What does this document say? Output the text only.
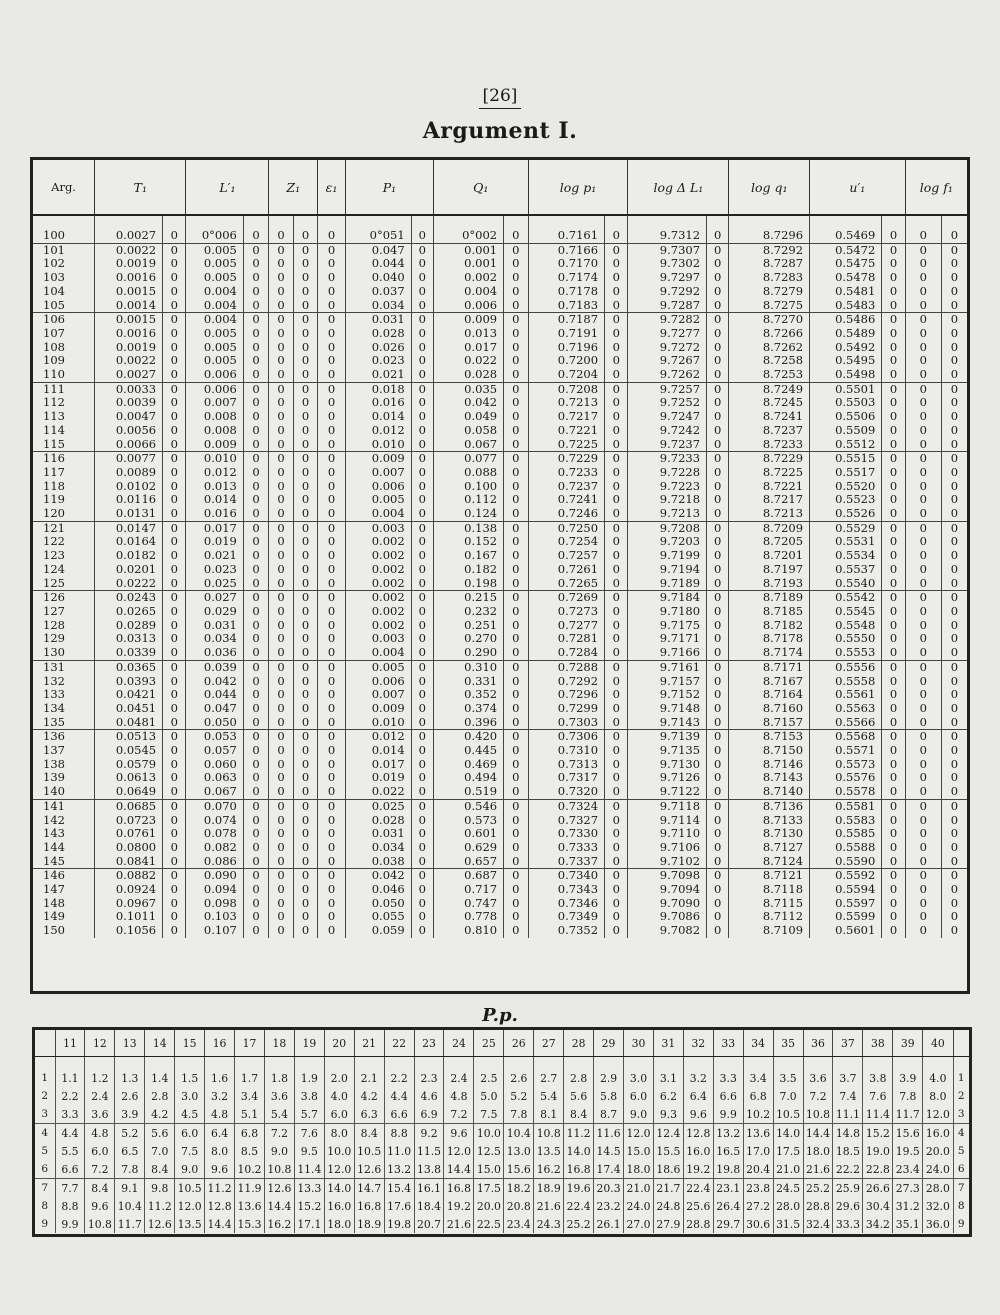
[26]
Argument I.
Arg.	T₁		L′₁		Z₁		ε₁	P₁		Q₁		log p₁		log Δ L₁		log q₁	u′₁		log f₁	

100	0.0027	0	0°006	0	0	0	0	0°051	0	0°002	0	0.7161	0	9.7312	0	8.7296	0.5469	0	0	0
101	0.0022	0	0.005	0	0	0	0	0.047	0	0.001	0	0.7166	0	9.7307	0	8.7292	0.5472	0	0	0
102	0.0019	0	0.005	0	0	0	0	0.044	0	0.001	0	0.7170	0	9.7302	0	8.7287	0.5475	0	0	0
103	0.0016	0	0.005	0	0	0	0	0.040	0	0.002	0	0.7174	0	9.7297	0	8.7283	0.5478	0	0	0
104	0.0015	0	0.004	0	0	0	0	0.037	0	0.004	0	0.7178	0	9.7292	0	8.7279	0.5481	0	0	0
105	0.0014	0	0.004	0	0	0	0	0.034	0	0.006	0	0.7183	0	9.7287	0	8.7275	0.5483	0	0	0
106	0.0015	0	0.004	0	0	0	0	0.031	0	0.009	0	0.7187	0	9.7282	0	8.7270	0.5486	0	0	0
107	0.0016	0	0.005	0	0	0	0	0.028	0	0.013	0	0.7191	0	9.7277	0	8.7266	0.5489	0	0	0
108	0.0019	0	0.005	0	0	0	0	0.026	0	0.017	0	0.7196	0	9.7272	0	8.7262	0.5492	0	0	0
109	0.0022	0	0.005	0	0	0	0	0.023	0	0.022	0	0.7200	0	9.7267	0	8.7258	0.5495	0	0	0
110	0.0027	0	0.006	0	0	0	0	0.021	0	0.028	0	0.7204	0	9.7262	0	8.7253	0.5498	0	0	0
111	0.0033	0	0.006	0	0	0	0	0.018	0	0.035	0	0.7208	0	9.7257	0	8.7249	0.5501	0	0	0
112	0.0039	0	0.007	0	0	0	0	0.016	0	0.042	0	0.7213	0	9.7252	0	8.7245	0.5503	0	0	0
113	0.0047	0	0.008	0	0	0	0	0.014	0	0.049	0	0.7217	0	9.7247	0	8.7241	0.5506	0	0	0
114	0.0056	0	0.008	0	0	0	0	0.012	0	0.058	0	0.7221	0	9.7242	0	8.7237	0.5509	0	0	0
115	0.0066	0	0.009	0	0	0	0	0.010	0	0.067	0	0.7225	0	9.7237	0	8.7233	0.5512	0	0	0
116	0.0077	0	0.010	0	0	0	0	0.009	0	0.077	0	0.7229	0	9.7233	0	8.7229	0.5515	0	0	0
117	0.0089	0	0.012	0	0	0	0	0.007	0	0.088	0	0.7233	0	9.7228	0	8.7225	0.5517	0	0	0
118	0.0102	0	0.013	0	0	0	0	0.006	0	0.100	0	0.7237	0	9.7223	0	8.7221	0.5520	0	0	0
119	0.0116	0	0.014	0	0	0	0	0.005	0	0.112	0	0.7241	0	9.7218	0	8.7217	0.5523	0	0	0
120	0.0131	0	0.016	0	0	0	0	0.004	0	0.124	0	0.7246	0	9.7213	0	8.7213	0.5526	0	0	0
121	0.0147	0	0.017	0	0	0	0	0.003	0	0.138	0	0.7250	0	9.7208	0	8.7209	0.5529	0	0	0
122	0.0164	0	0.019	0	0	0	0	0.002	0	0.152	0	0.7254	0	9.7203	0	8.7205	0.5531	0	0	0
123	0.0182	0	0.021	0	0	0	0	0.002	0	0.167	0	0.7257	0	9.7199	0	8.7201	0.5534	0	0	0
124	0.0201	0	0.023	0	0	0	0	0.002	0	0.182	0	0.7261	0	9.7194	0	8.7197	0.5537	0	0	0
125	0.0222	0	0.025	0	0	0	0	0.002	0	0.198	0	0.7265	0	9.7189	0	8.7193	0.5540	0	0	0
126	0.0243	0	0.027	0	0	0	0	0.002	0	0.215	0	0.7269	0	9.7184	0	8.7189	0.5542	0	0	0
127	0.0265	0	0.029	0	0	0	0	0.002	0	0.232	0	0.7273	0	9.7180	0	8.7185	0.5545	0	0	0
128	0.0289	0	0.031	0	0	0	0	0.002	0	0.251	0	0.7277	0	9.7175	0	8.7182	0.5548	0	0	0
129	0.0313	0	0.034	0	0	0	0	0.003	0	0.270	0	0.7281	0	9.7171	0	8.7178	0.5550	0	0	0
130	0.0339	0	0.036	0	0	0	0	0.004	0	0.290	0	0.7284	0	9.7166	0	8.7174	0.5553	0	0	0
131	0.0365	0	0.039	0	0	0	0	0.005	0	0.310	0	0.7288	0	9.7161	0	8.7171	0.5556	0	0	0
132	0.0393	0	0.042	0	0	0	0	0.006	0	0.331	0	0.7292	0	9.7157	0	8.7167	0.5558	0	0	0
133	0.0421	0	0.044	0	0	0	0	0.007	0	0.352	0	0.7296	0	9.7152	0	8.7164	0.5561	0	0	0
134	0.0451	0	0.047	0	0	0	0	0.009	0	0.374	0	0.7299	0	9.7148	0	8.7160	0.5563	0	0	0
135	0.0481	0	0.050	0	0	0	0	0.010	0	0.396	0	0.7303	0	9.7143	0	8.7157	0.5566	0	0	0
136	0.0513	0	0.053	0	0	0	0	0.012	0	0.420	0	0.7306	0	9.7139	0	8.7153	0.5568	0	0	0
137	0.0545	0	0.057	0	0	0	0	0.014	0	0.445	0	0.7310	0	9.7135	0	8.7150	0.5571	0	0	0
138	0.0579	0	0.060	0	0	0	0	0.017	0	0.469	0	0.7313	0	9.7130	0	8.7146	0.5573	0	0	0
139	0.0613	0	0.063	0	0	0	0	0.019	0	0.494	0	0.7317	0	9.7126	0	8.7143	0.5576	0	0	0
140	0.0649	0	0.067	0	0	0	0	0.022	0	0.519	0	0.7320	0	9.7122	0	8.7140	0.5578	0	0	0
141	0.0685	0	0.070	0	0	0	0	0.025	0	0.546	0	0.7324	0	9.7118	0	8.7136	0.5581	0	0	0
142	0.0723	0	0.074	0	0	0	0	0.028	0	0.573	0	0.7327	0	9.7114	0	8.7133	0.5583	0	0	0
143	0.0761	0	0.078	0	0	0	0	0.031	0	0.601	0	0.7330	0	9.7110	0	8.7130	0.5585	0	0	0
144	0.0800	0	0.082	0	0	0	0	0.034	0	0.629	0	0.7333	0	9.7106	0	8.7127	0.5588	0	0	0
145	0.0841	0	0.086	0	0	0	0	0.038	0	0.657	0	0.7337	0	9.7102	0	8.7124	0.5590	0	0	0
146	0.0882	0	0.090	0	0	0	0	0.042	0	0.687	0	0.7340	0	9.7098	0	8.7121	0.5592	0	0	0
147	0.0924	0	0.094	0	0	0	0	0.046	0	0.717	0	0.7343	0	9.7094	0	8.7118	0.5594	0	0	0
148	0.0967	0	0.098	0	0	0	0	0.050	0	0.747	0	0.7346	0	9.7090	0	8.7115	0.5597	0	0	0
149	0.1011	0	0.103	0	0	0	0	0.055	0	0.778	0	0.7349	0	9.7086	0	8.7112	0.5599	0	0	0
150	0.1056	0	0.107	0	0	0	0	0.059	0	0.810	0	0.7352	0	9.7082	0	8.7109	0.5601	0	0	0
P.p.
	11	12	13	14	15	16	17	18	19	20	21	22	23	24	25	26	27	28	29	30	31	32	33	34	35	36	37	38	39	40	

1	1.1	1.2	1.3	1.4	1.5	1.6	1.7	1.8	1.9	2.0	2.1	2.2	2.3	2.4	2.5	2.6	2.7	2.8	2.9	3.0	3.1	3.2	3.3	3.4	3.5	3.6	3.7	3.8	3.9	4.0	1
2	2.2	2.4	2.6	2.8	3.0	3.2	3.4	3.6	3.8	4.0	4.2	4.4	4.6	4.8	5.0	5.2	5.4	5.6	5.8	6.0	6.2	6.4	6.6	6.8	7.0	7.2	7.4	7.6	7.8	8.0	2
3	3.3	3.6	3.9	4.2	4.5	4.8	5.1	5.4	5.7	6.0	6.3	6.6	6.9	7.2	7.5	7.8	8.1	8.4	8.7	9.0	9.3	9.6	9.9	10.2	10.5	10.8	11.1	11.4	11.7	12.0	3
4	4.4	4.8	5.2	5.6	6.0	6.4	6.8	7.2	7.6	8.0	8.4	8.8	9.2	9.6	10.0	10.4	10.8	11.2	11.6	12.0	12.4	12.8	13.2	13.6	14.0	14.4	14.8	15.2	15.6	16.0	4
5	5.5	6.0	6.5	7.0	7.5	8.0	8.5	9.0	9.5	10.0	10.5	11.0	11.5	12.0	12.5	13.0	13.5	14.0	14.5	15.0	15.5	16.0	16.5	17.0	17.5	18.0	18.5	19.0	19.5	20.0	5
6	6.6	7.2	7.8	8.4	9.0	9.6	10.2	10.8	11.4	12.0	12.6	13.2	13.8	14.4	15.0	15.6	16.2	16.8	17.4	18.0	18.6	19.2	19.8	20.4	21.0	21.6	22.2	22.8	23.4	24.0	6
7	7.7	8.4	9.1	9.8	10.5	11.2	11.9	12.6	13.3	14.0	14.7	15.4	16.1	16.8	17.5	18.2	18.9	19.6	20.3	21.0	21.7	22.4	23.1	23.8	24.5	25.2	25.9	26.6	27.3	28.0	7
8	8.8	9.6	10.4	11.2	12.0	12.8	13.6	14.4	15.2	16.0	16.8	17.6	18.4	19.2	20.0	20.8	21.6	22.4	23.2	24.0	24.8	25.6	26.4	27.2	28.0	28.8	29.6	30.4	31.2	32.0	8
9	9.9	10.8	11.7	12.6	13.5	14.4	15.3	16.2	17.1	18.0	18.9	19.8	20.7	21.6	22.5	23.4	24.3	25.2	26.1	27.0	27.9	28.8	29.7	30.6	31.5	32.4	33.3	34.2	35.1	36.0	9
